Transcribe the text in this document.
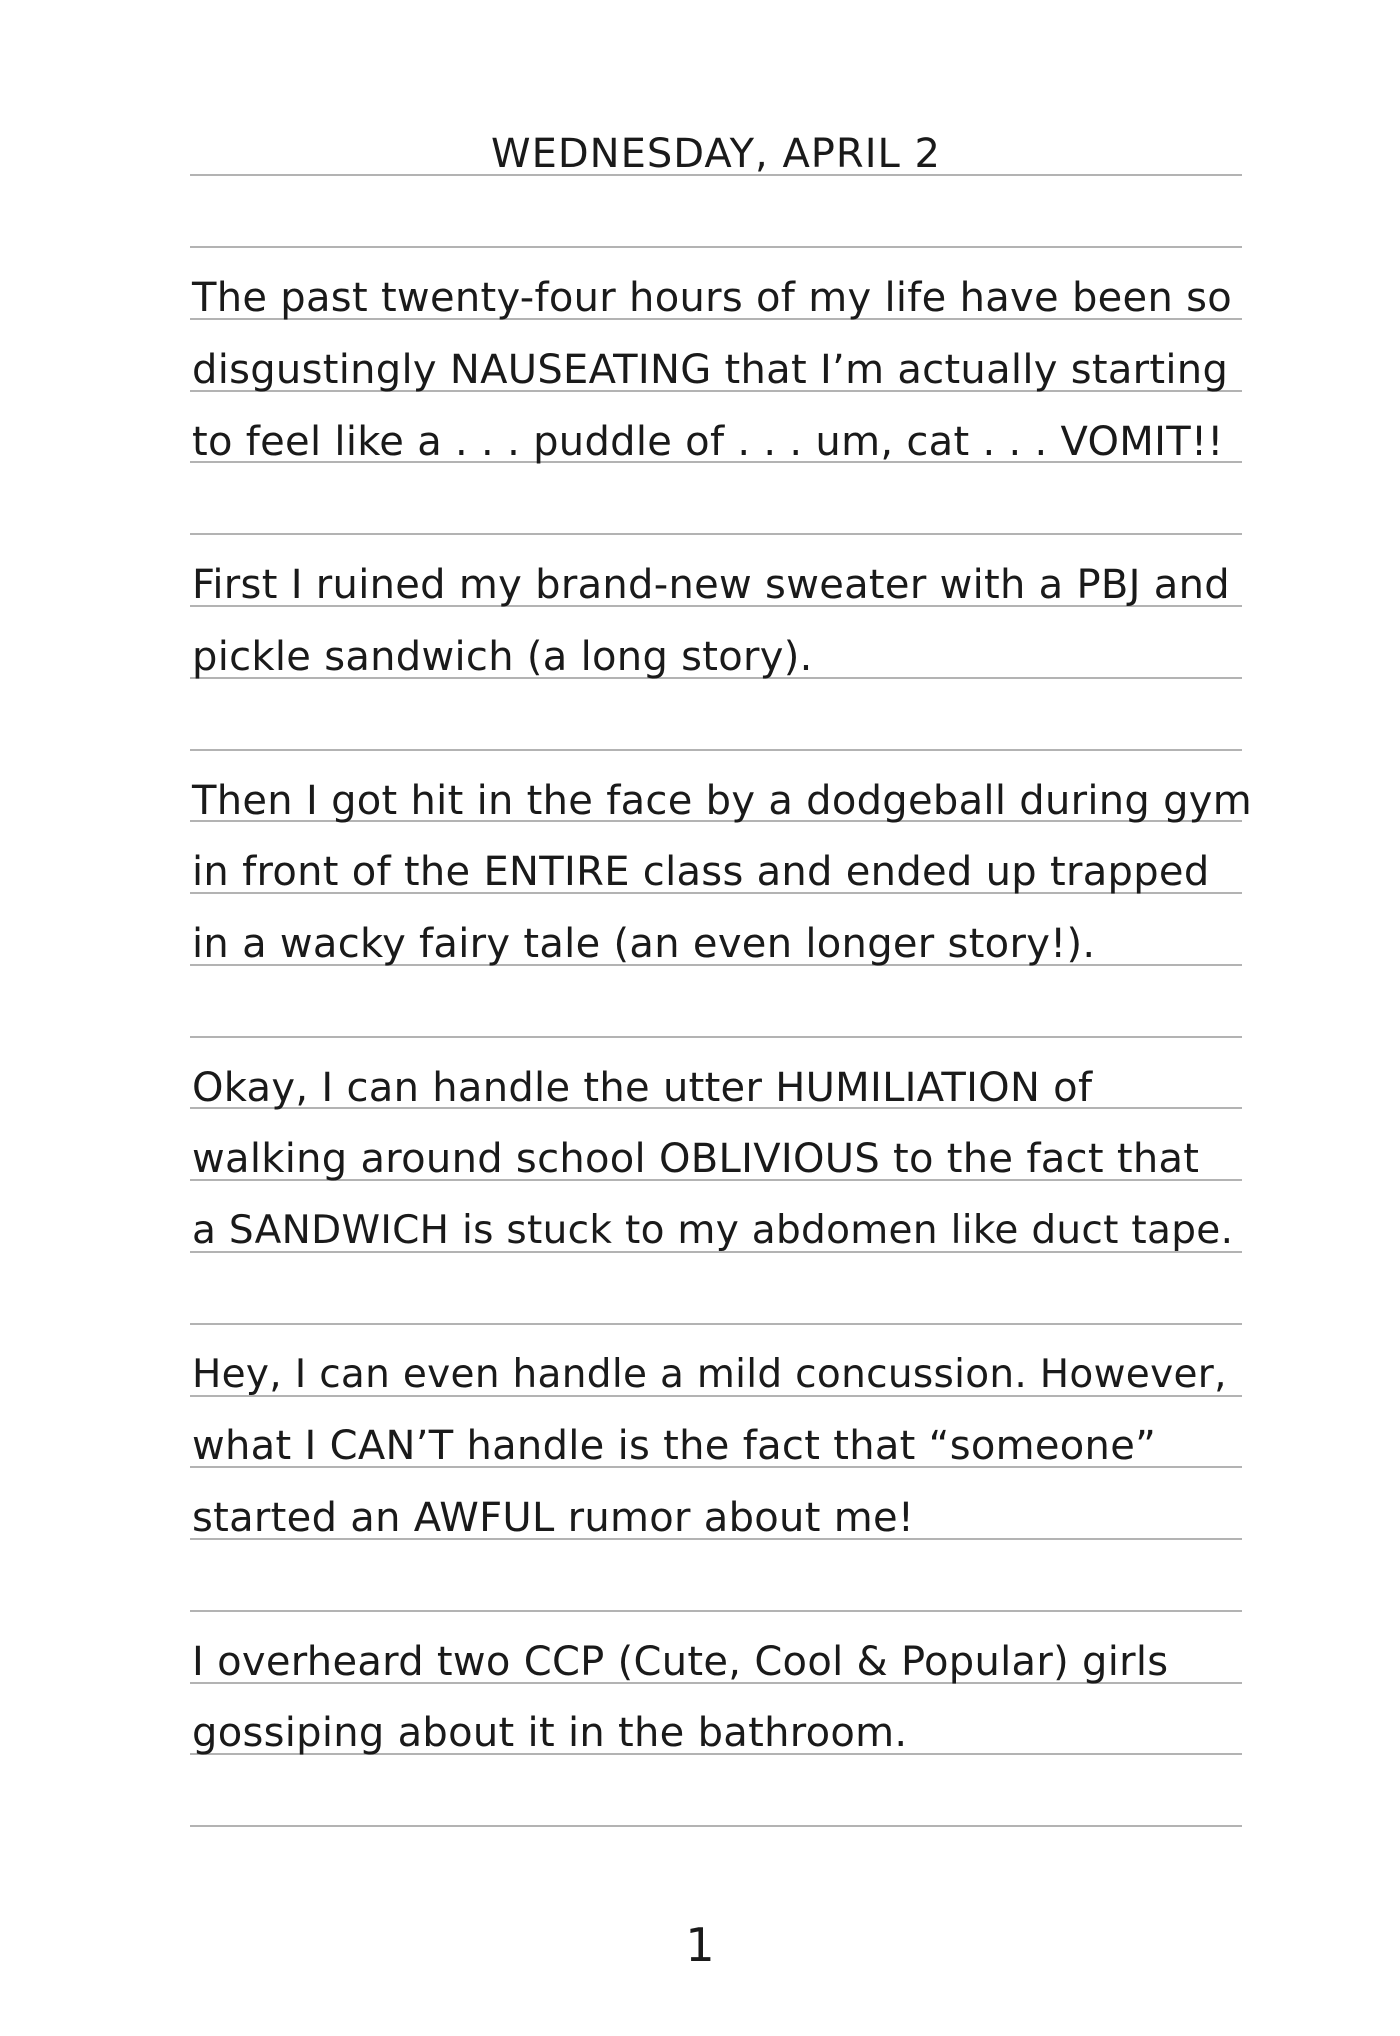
WEDNESDAY, APRIL 2
The past twenty-four hours of my life have been so
disgustingly NAUSEATING that I’m actually starting
to feel like a . . . puddle of . . . um, cat . . . VOMIT!!
First I ruined my brand-new sweater with a PBJ and
pickle sandwich (a long story).
Then I got hit in the face by a dodgeball during gym
in front of the ENTIRE class and ended up trapped
in a wacky fairy tale (an even longer story!).
Okay, I can handle the utter HUMILIATION of
walking around school OBLIVIOUS to the fact that
a SANDWICH is stuck to my abdomen like duct tape.
Hey, I can even handle a mild concussion. However,
what I CAN’T handle is the fact that “someone”
started an AWFUL rumor about me!
I overheard two CCP (Cute, Cool & Popular) girls
gossiping about it in the bathroom.
1
